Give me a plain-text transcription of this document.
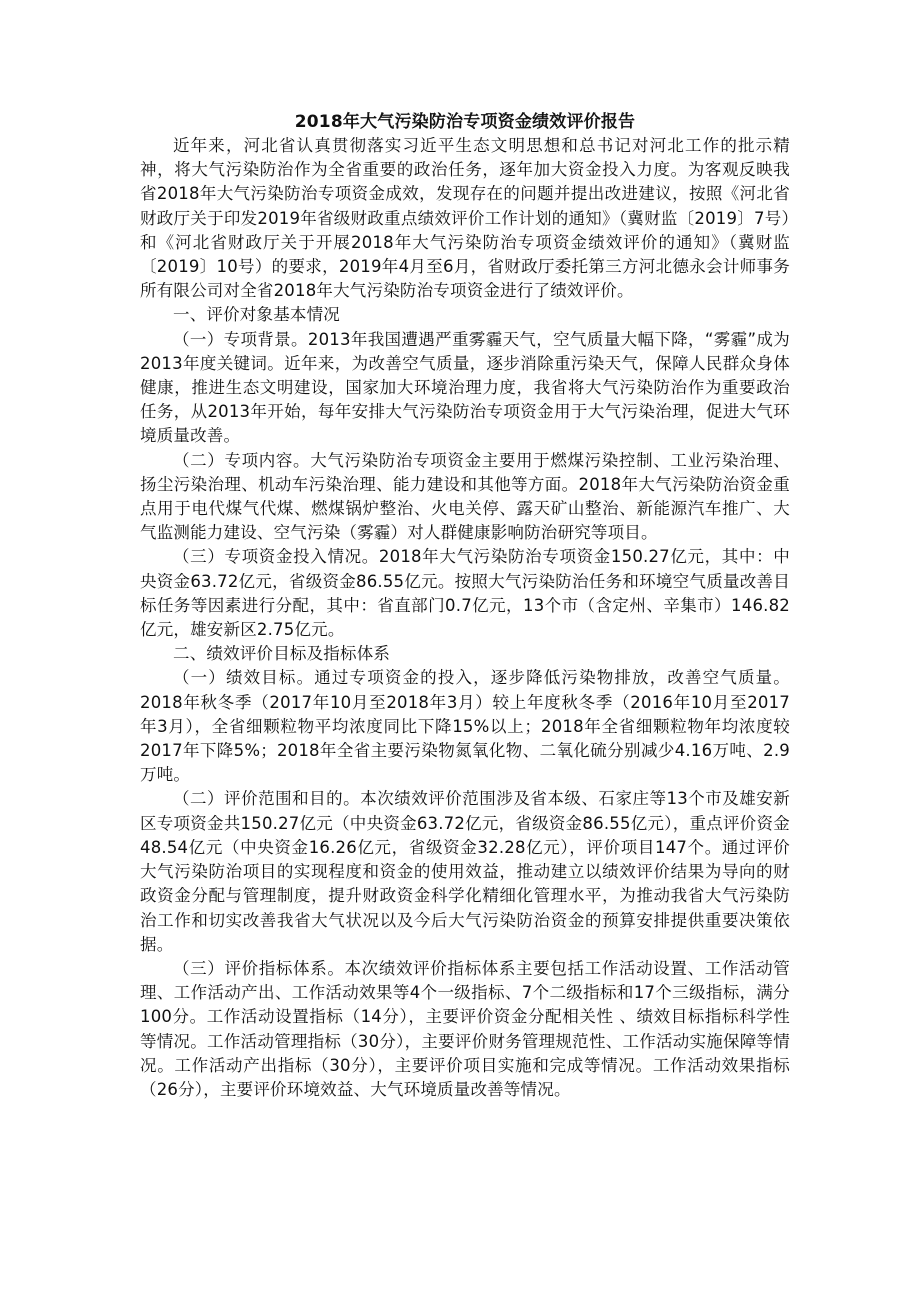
2018年大气污染防治专项资金绩效评价报告

近年来，河北省认真贯彻落实习近平生态文明思想和总书记对河北工作的批示精神，将大气污染防治作为全省重要的政治任务，逐年加大资金投入力度。为客观反映我省2018年大气污染防治专项资金成效，发现存在的问题并提出改进建议，按照《河北省财政厅关于印发2019年省级财政重点绩效评价工作计划的通知》（冀财监〔2019〕7号）和《河北省财政厅关于开展2018年大气污染防治专项资金绩效评价的通知》（冀财监〔2019〕10号）的要求，2019年4月至6月，省财政厅委托第三方河北德永会计师事务所有限公司对全省2018年大气污染防治专项资金进行了绩效评价。

一、评价对象基本情况

（一）专项背景。2013年我国遭遇严重雾霾天气，空气质量大幅下降，“雾霾”成为2013年度关键词。近年来，为改善空气质量，逐步消除重污染天气，保障人民群众身体健康，推进生态文明建设，国家加大环境治理力度，我省将大气污染防治作为重要政治任务，从2013年开始，每年安排大气污染防治专项资金用于大气污染治理，促进大气环境质量改善。

（二）专项内容。大气污染防治专项资金主要用于燃煤污染控制、工业污染治理、扬尘污染治理、机动车污染治理、能力建设和其他等方面。2018年大气污染防治资金重点用于电代煤气代煤、燃煤锅炉整治、火电关停、露天矿山整治、新能源汽车推广、大气监测能力建设、空气污染（雾霾）对人群健康影响防治研究等项目。

（三）专项资金投入情况。2018年大气污染防治专项资金150.27亿元，其中：中央资金63.72亿元，省级资金86.55亿元。按照大气污染防治任务和环境空气质量改善目标任务等因素进行分配，其中：省直部门0.7亿元，13个市（含定州、辛集市）146.82亿元，雄安新区2.75亿元。

二、绩效评价目标及指标体系

（一）绩效目标。通过专项资金的投入，逐步降低污染物排放，改善空气质量。2018年秋冬季（2017年10月至2018年3月）较上年度秋冬季（2016年10月至2017年3月），全省细颗粒物平均浓度同比下降15%以上；2018年全省细颗粒物年均浓度较2017年下降5%；2018年全省主要污染物氮氧化物、二氧化硫分别减少4.16万吨、2.9万吨。

（二）评价范围和目的。本次绩效评价范围涉及省本级、石家庄等13个市及雄安新区专项资金共150.27亿元（中央资金63.72亿元，省级资金86.55亿元），重点评价资金48.54亿元（中央资金16.26亿元，省级资金32.28亿元），评价项目147个。通过评价大气污染防治项目的实现程度和资金的使用效益，推动建立以绩效评价结果为导向的财政资金分配与管理制度，提升财政资金科学化精细化管理水平，为推动我省大气污染防治工作和切实改善我省大气状况以及今后大气污染防治资金的预算安排提供重要决策依据。

（三）评价指标体系。本次绩效评价指标体系主要包括工作活动设置、工作活动管理、工作活动产出、工作活动效果等4个一级指标、7个二级指标和17个三级指标，满分100分。工作活动设置指标（14分），主要评价资金分配相关性 、绩效目标指标科学性等情况。工作活动管理指标（30分），主要评价财务管理规范性、工作活动实施保障等情况。工作活动产出指标（30分），主要评价项目实施和完成等情况。工作活动效果指标（26分），主要评价环境效益、大气环境质量改善等情况。
